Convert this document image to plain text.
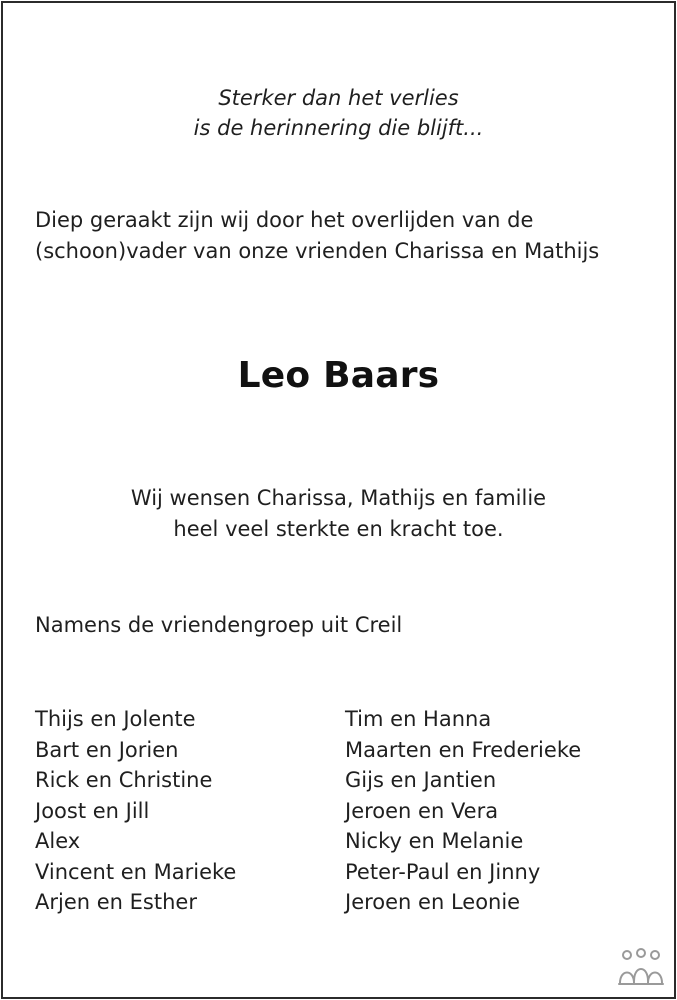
Sterker dan het verlies
is de herinnering die blijft...
Diep geraakt zijn wij door het overlijden van de
(schoon)vader van onze vrienden Charissa en Mathijs
Leo Baars
Wij wensen Charissa, Mathijs en familie
heel veel sterkte en kracht toe.
Namens de vriendengroep uit Creil
Thijs en Jolente
Bart en Jorien
Rick en Christine
Joost en Jill
Alex
Vincent en Marieke
Arjen en Esther
Tim en Hanna
Maarten en Frederieke
Gijs en Jantien
Jeroen en Vera
Nicky en Melanie
Peter-Paul en Jinny
Jeroen en Leonie
